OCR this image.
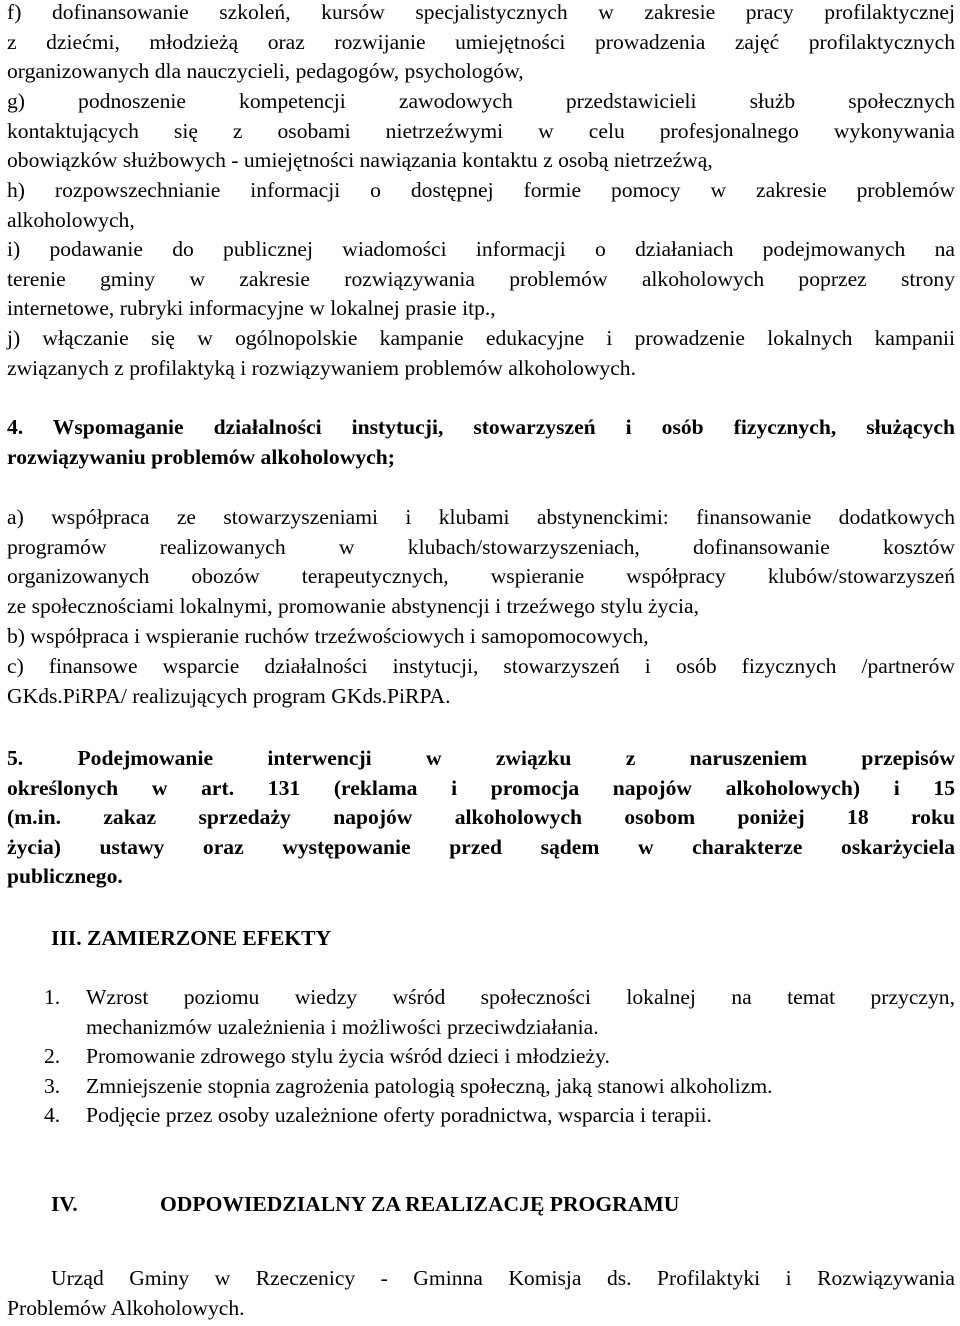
f) dofinansowanie szkoleń, kursów specjalistycznych w zakresie pracy profilaktycznej
z dziećmi, młodzieżą oraz rozwijanie umiejętności prowadzenia zajęć profilaktycznych
organizowanych dla nauczycieli, pedagogów, psychologów,
g) podnoszenie kompetencji zawodowych przedstawicieli służb społecznych
kontaktujących się z osobami nietrzeźwymi w celu profesjonalnego wykonywania
obowiązków służbowych - umiejętności nawiązania kontaktu z osobą nietrzeźwą,
h) rozpowszechnianie informacji o dostępnej formie pomocy w zakresie problemów
alkoholowych,
i) podawanie do publicznej wiadomości informacji o działaniach podejmowanych na
terenie gminy w zakresie rozwiązywania problemów alkoholowych poprzez strony
internetowe, rubryki informacyjne w lokalnej prasie itp.,
j) włączanie się w ogólnopolskie kampanie edukacyjne i prowadzenie lokalnych kampanii
związanych z profilaktyką i rozwiązywaniem problemów alkoholowych.
4. Wspomaganie działalności instytucji, stowarzyszeń i osób fizycznych, służących
rozwiązywaniu problemów alkoholowych;
a) współpraca ze stowarzyszeniami i klubami abstynenckimi: finansowanie dodatkowych
programów realizowanych w klubach/stowarzyszeniach, dofinansowanie kosztów
organizowanych obozów terapeutycznych, wspieranie współpracy klubów/stowarzyszeń
ze społecznościami lokalnymi, promowanie abstynencji i trzeźwego stylu życia,
b) współpraca i wspieranie ruchów trzeźwościowych i samopomocowych,
c) finansowe wsparcie działalności instytucji, stowarzyszeń i osób fizycznych /partnerów
GKds.PiRPA/ realizujących program GKds.PiRPA.
5. Podejmowanie interwencji w związku z naruszeniem przepisów
określonych w art. 131 (reklama i promocja napojów alkoholowych) i 15
(m.in. zakaz sprzedaży napojów alkoholowych osobom poniżej 18 roku
życia) ustawy oraz występowanie przed sądem w charakterze oskarżyciela
publicznego.
III. ZAMIERZONE EFEKTY
1. Wzrost poziomu wiedzy wśród społeczności lokalnej na temat przyczyn,
mechanizmów uzależnienia i możliwości przeciwdziałania.
2. Promowanie zdrowego stylu życia wśród dzieci i młodzieży.
3. Zmniejszenie stopnia zagrożenia patologią społeczną, jaką stanowi alkoholizm.
4. Podjęcie przez osoby uzależnione oferty poradnictwa, wsparcia i terapii.
IV.	ODPOWIEDZIALNY ZA REALIZACJĘ PROGRAMU
Urząd Gminy w Rzeczenicy - Gminna Komisja ds. Profilaktyki i Rozwiązywania
Problemów Alkoholowych.
